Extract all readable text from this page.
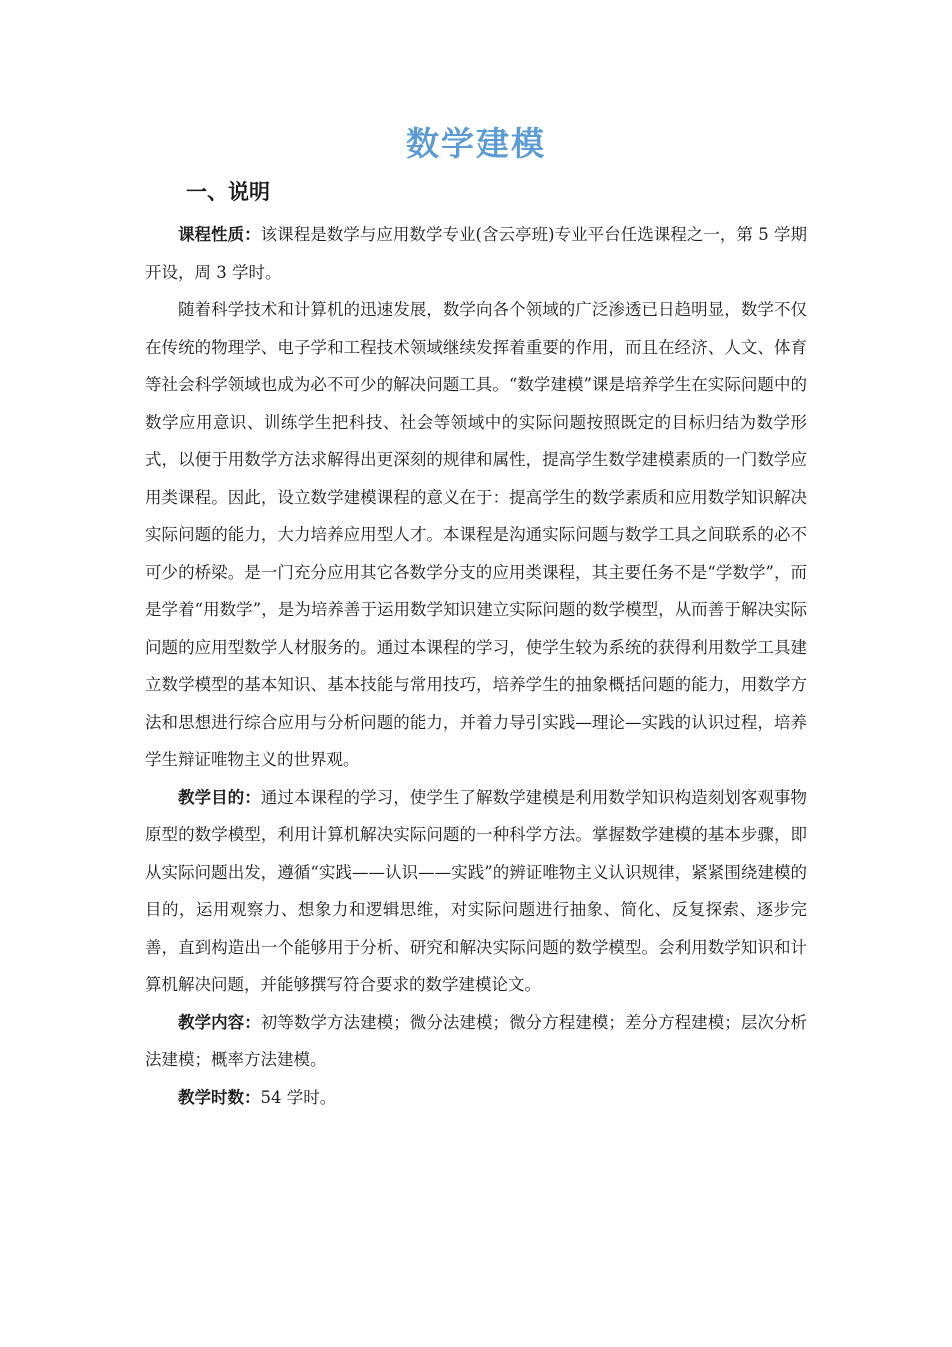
数学建模
一、说明

课程性质：该课程是数学与应用数学专业(含云亭班)专业平台任选课程之一，第 5 学期开设，周 3 学时。

随着科学技术和计算机的迅速发展，数学向各个领域的广泛渗透已日趋明显，数学不仅在传统的物理学、电子学和工程技术领域继续发挥着重要的作用，而且在经济、人文、体育等社会科学领域也成为必不可少的解决问题工具。“数学建模”课是培养学生在实际问题中的数学应用意识、训练学生把科技、社会等领域中的实际问题按照既定的目标归结为数学形式，以便于用数学方法求解得出更深刻的规律和属性，提高学生数学建模素质的一门数学应用类课程。因此，设立数学建模课程的意义在于：提高学生的数学素质和应用数学知识解决实际问题的能力，大力培养应用型人才。本课程是沟通实际问题与数学工具之间联系的必不可少的桥梁。是一门充分应用其它各数学分支的应用类课程，其主要任务不是“学数学”，而是学着“用数学”，是为培养善于运用数学知识建立实际问题的数学模型，从而善于解决实际问题的应用型数学人材服务的。通过本课程的学习，使学生较为系统的获得利用数学工具建立数学模型的基本知识、基本技能与常用技巧，培养学生的抽象概括问题的能力，用数学方法和思想进行综合应用与分析问题的能力，并着力导引实践—理论—实践的认识过程，培养学生辩证唯物主义的世界观。

教学目的：通过本课程的学习，使学生了解数学建模是利用数学知识构造刻划客观事物原型的数学模型，利用计算机解决实际问题的一种科学方法。掌握数学建模的基本步骤，即从实际问题出发，遵循“实践——认识——实践”的辨证唯物主义认识规律，紧紧围绕建模的目的，运用观察力、想象力和逻辑思维，对实际问题进行抽象、简化、反复探索、逐步完善，直到构造出一个能够用于分析、研究和解决实际问题的数学模型。会利用数学知识和计算机解决问题，并能够撰写符合要求的数学建模论文。

教学内容：初等数学方法建模；微分法建模；微分方程建模；差分方程建模；层次分析法建模；概率方法建模。

教学时数：54 学时。
